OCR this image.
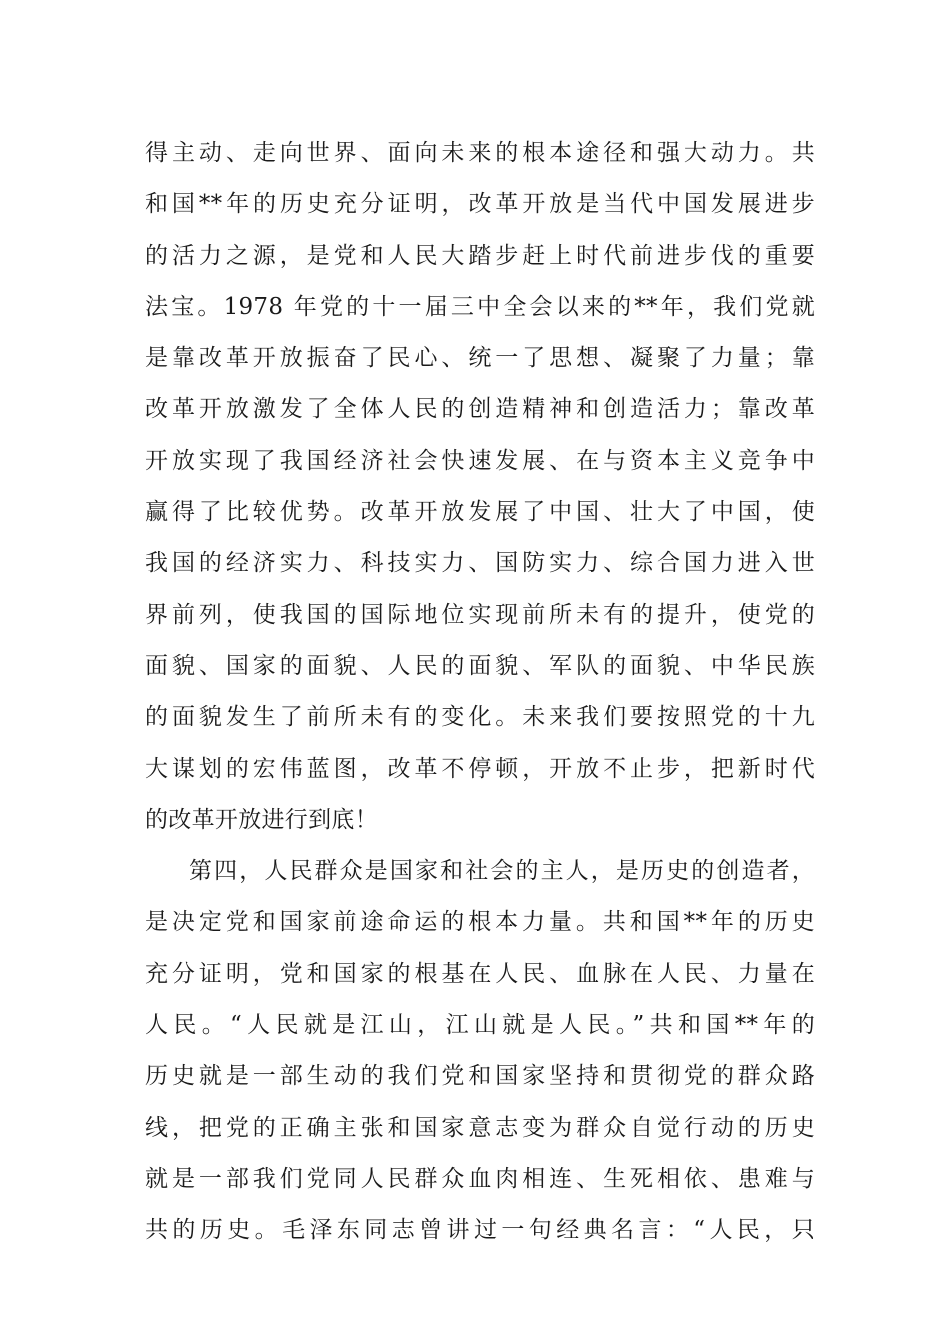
得主动、走向世界、面向未来的根本途径和强大动力。共
和国**年的历史充分证明，改革开放是当代中国发展进步
的活力之源，是党和人民大踏步赶上时代前进步伐的重要
法宝。1978 年党的十一届三中全会以来的**年，我们党就
是靠改革开放振奋了民心、统一了思想、凝聚了力量；靠
改革开放激发了全体人民的创造精神和创造活力；靠改革
开放实现了我国经济社会快速发展、在与资本主义竞争中
赢得了比较优势。改革开放发展了中国、壮大了中国，使
我国的经济实力、科技实力、国防实力、综合国力进入世
界前列，使我国的国际地位实现前所未有的提升，使党的
面貌、国家的面貌、人民的面貌、军队的面貌、中华民族
的面貌发生了前所未有的变化。未来我们要按照党的十九
大谋划的宏伟蓝图，改革不停顿，开放不止步，把新时代
的改革开放进行到底！
第四，人民群众是国家和社会的主人，是历史的创造者，
是决定党和国家前途命运的根本力量。共和国**年的历史
充分证明，党和国家的根基在人民、血脉在人民、力量在
人民。“人民就是江山，江山就是人民。”共和国**年的
历史就是一部生动的我们党和国家坚持和贯彻党的群众路
线，把党的正确主张和国家意志变为群众自觉行动的历史
就是一部我们党同人民群众血肉相连、生死相依、患难与
共的历史。毛泽东同志曾讲过一句经典名言：“人民，只
